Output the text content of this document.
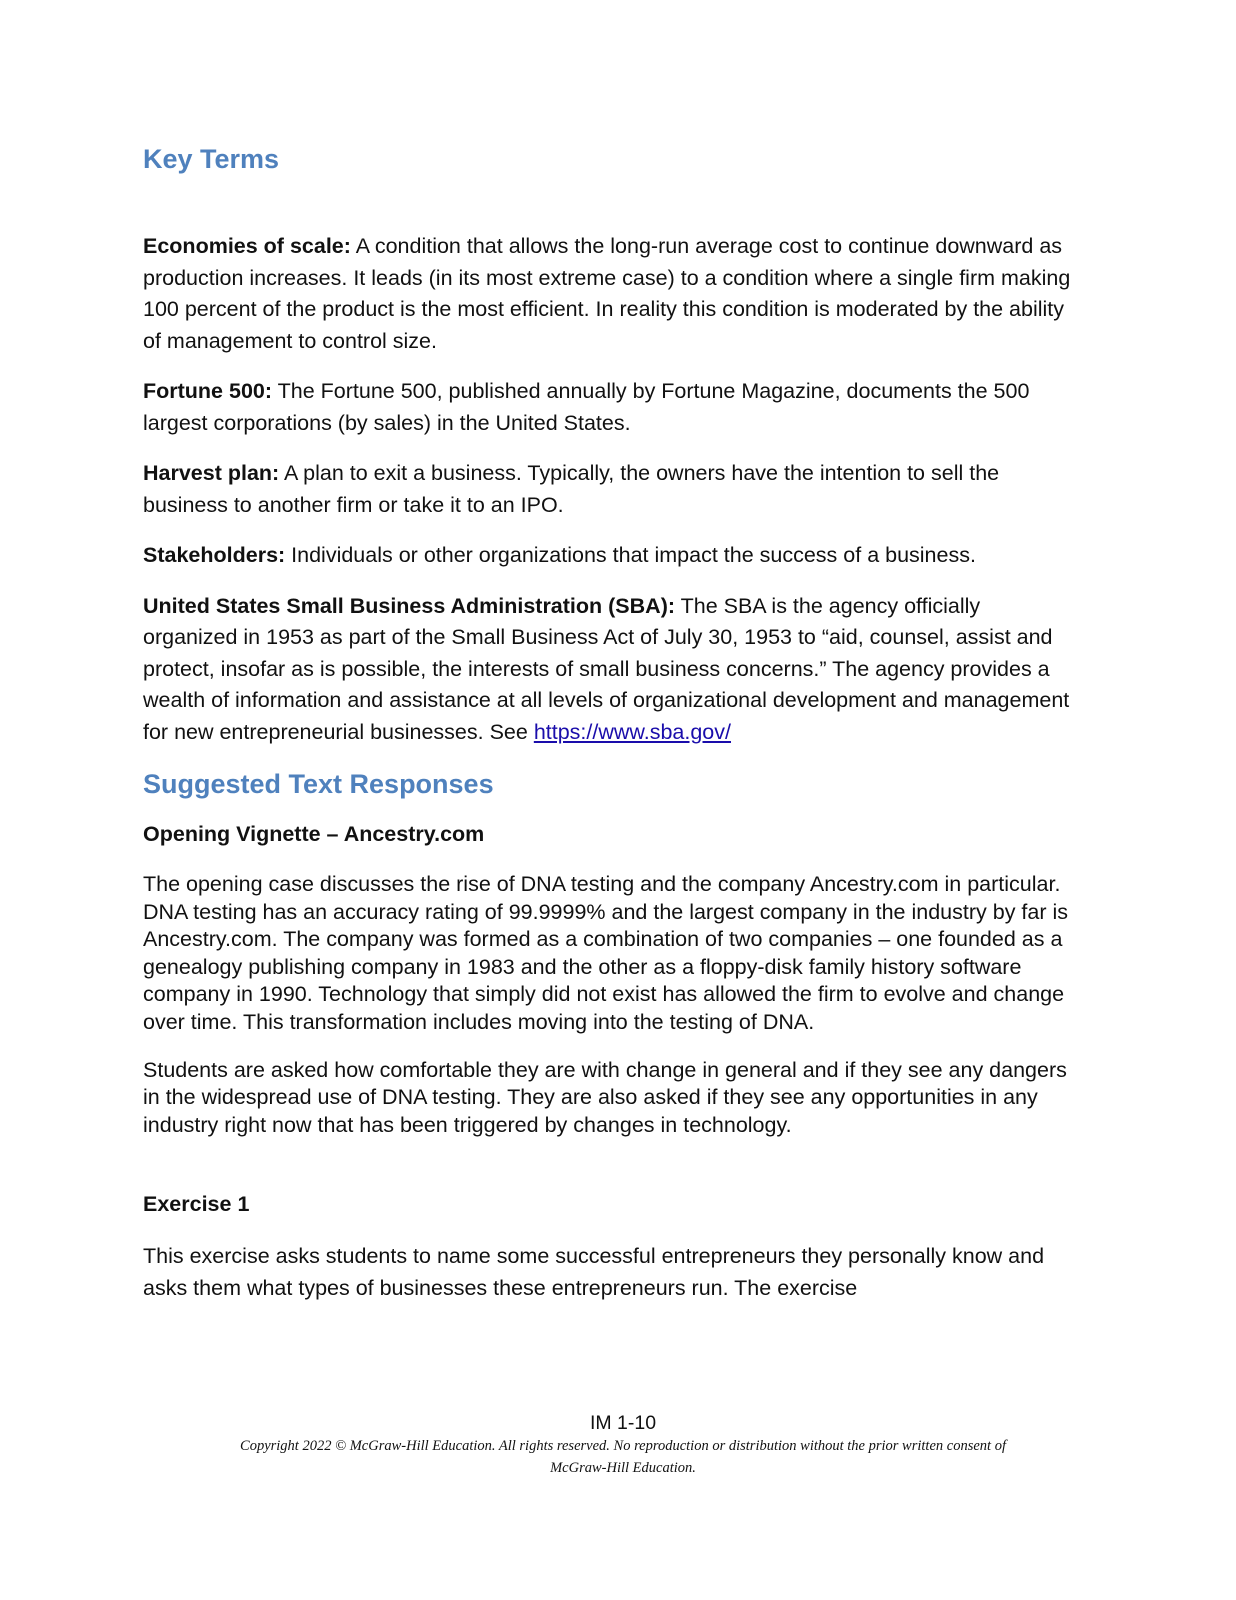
Key Terms

Economies of scale: A condition that allows the long-run average cost to continue downward as production increases. It leads (in its most extreme case) to a condition where a single firm making 100 percent of the product is the most efficient. In reality this condition is moderated by the ability of management to control size.

Fortune 500: The Fortune 500, published annually by Fortune Magazine, documents the 500 largest corporations (by sales) in the United States.

Harvest plan: A plan to exit a business. Typically, the owners have the intention to sell the business to another firm or take it to an IPO.

Stakeholders: Individuals or other organizations that impact the success of a business.

United States Small Business Administration (SBA): The SBA is the agency officially organized in 1953 as part of the Small Business Act of July 30, 1953 to “aid, counsel, assist and protect, insofar as is possible, the interests of small business concerns.” The agency provides a wealth of information and assistance at all levels of organizational development and management for new entrepreneurial businesses. See https://www.sba.gov/

Suggested Text Responses
Opening Vignette – Ancestry.com

The opening case discusses the rise of DNA testing and the company Ancestry.com in particular. DNA testing has an accuracy rating of 99.9999% and the largest company in the industry by far is Ancestry.com. The company was formed as a combination of two companies – one founded as a genealogy publishing company in 1983 and the other as a floppy-disk family history software company in 1990. Technology that simply did not exist has allowed the firm to evolve and change over time. This transformation includes moving into the testing of DNA.

Students are asked how comfortable they are with change in general and if they see any dangers in the widespread use of DNA testing. They are also asked if they see any opportunities in any industry right now that has been triggered by changes in technology.

Exercise 1

This exercise asks students to name some successful entrepreneurs they personally know and asks them what types of businesses these entrepreneurs run. The exercise

IM 1-10
Copyright 2022 © McGraw-Hill Education. All rights reserved. No reproduction or distribution without the prior written consent of
McGraw-Hill Education.
